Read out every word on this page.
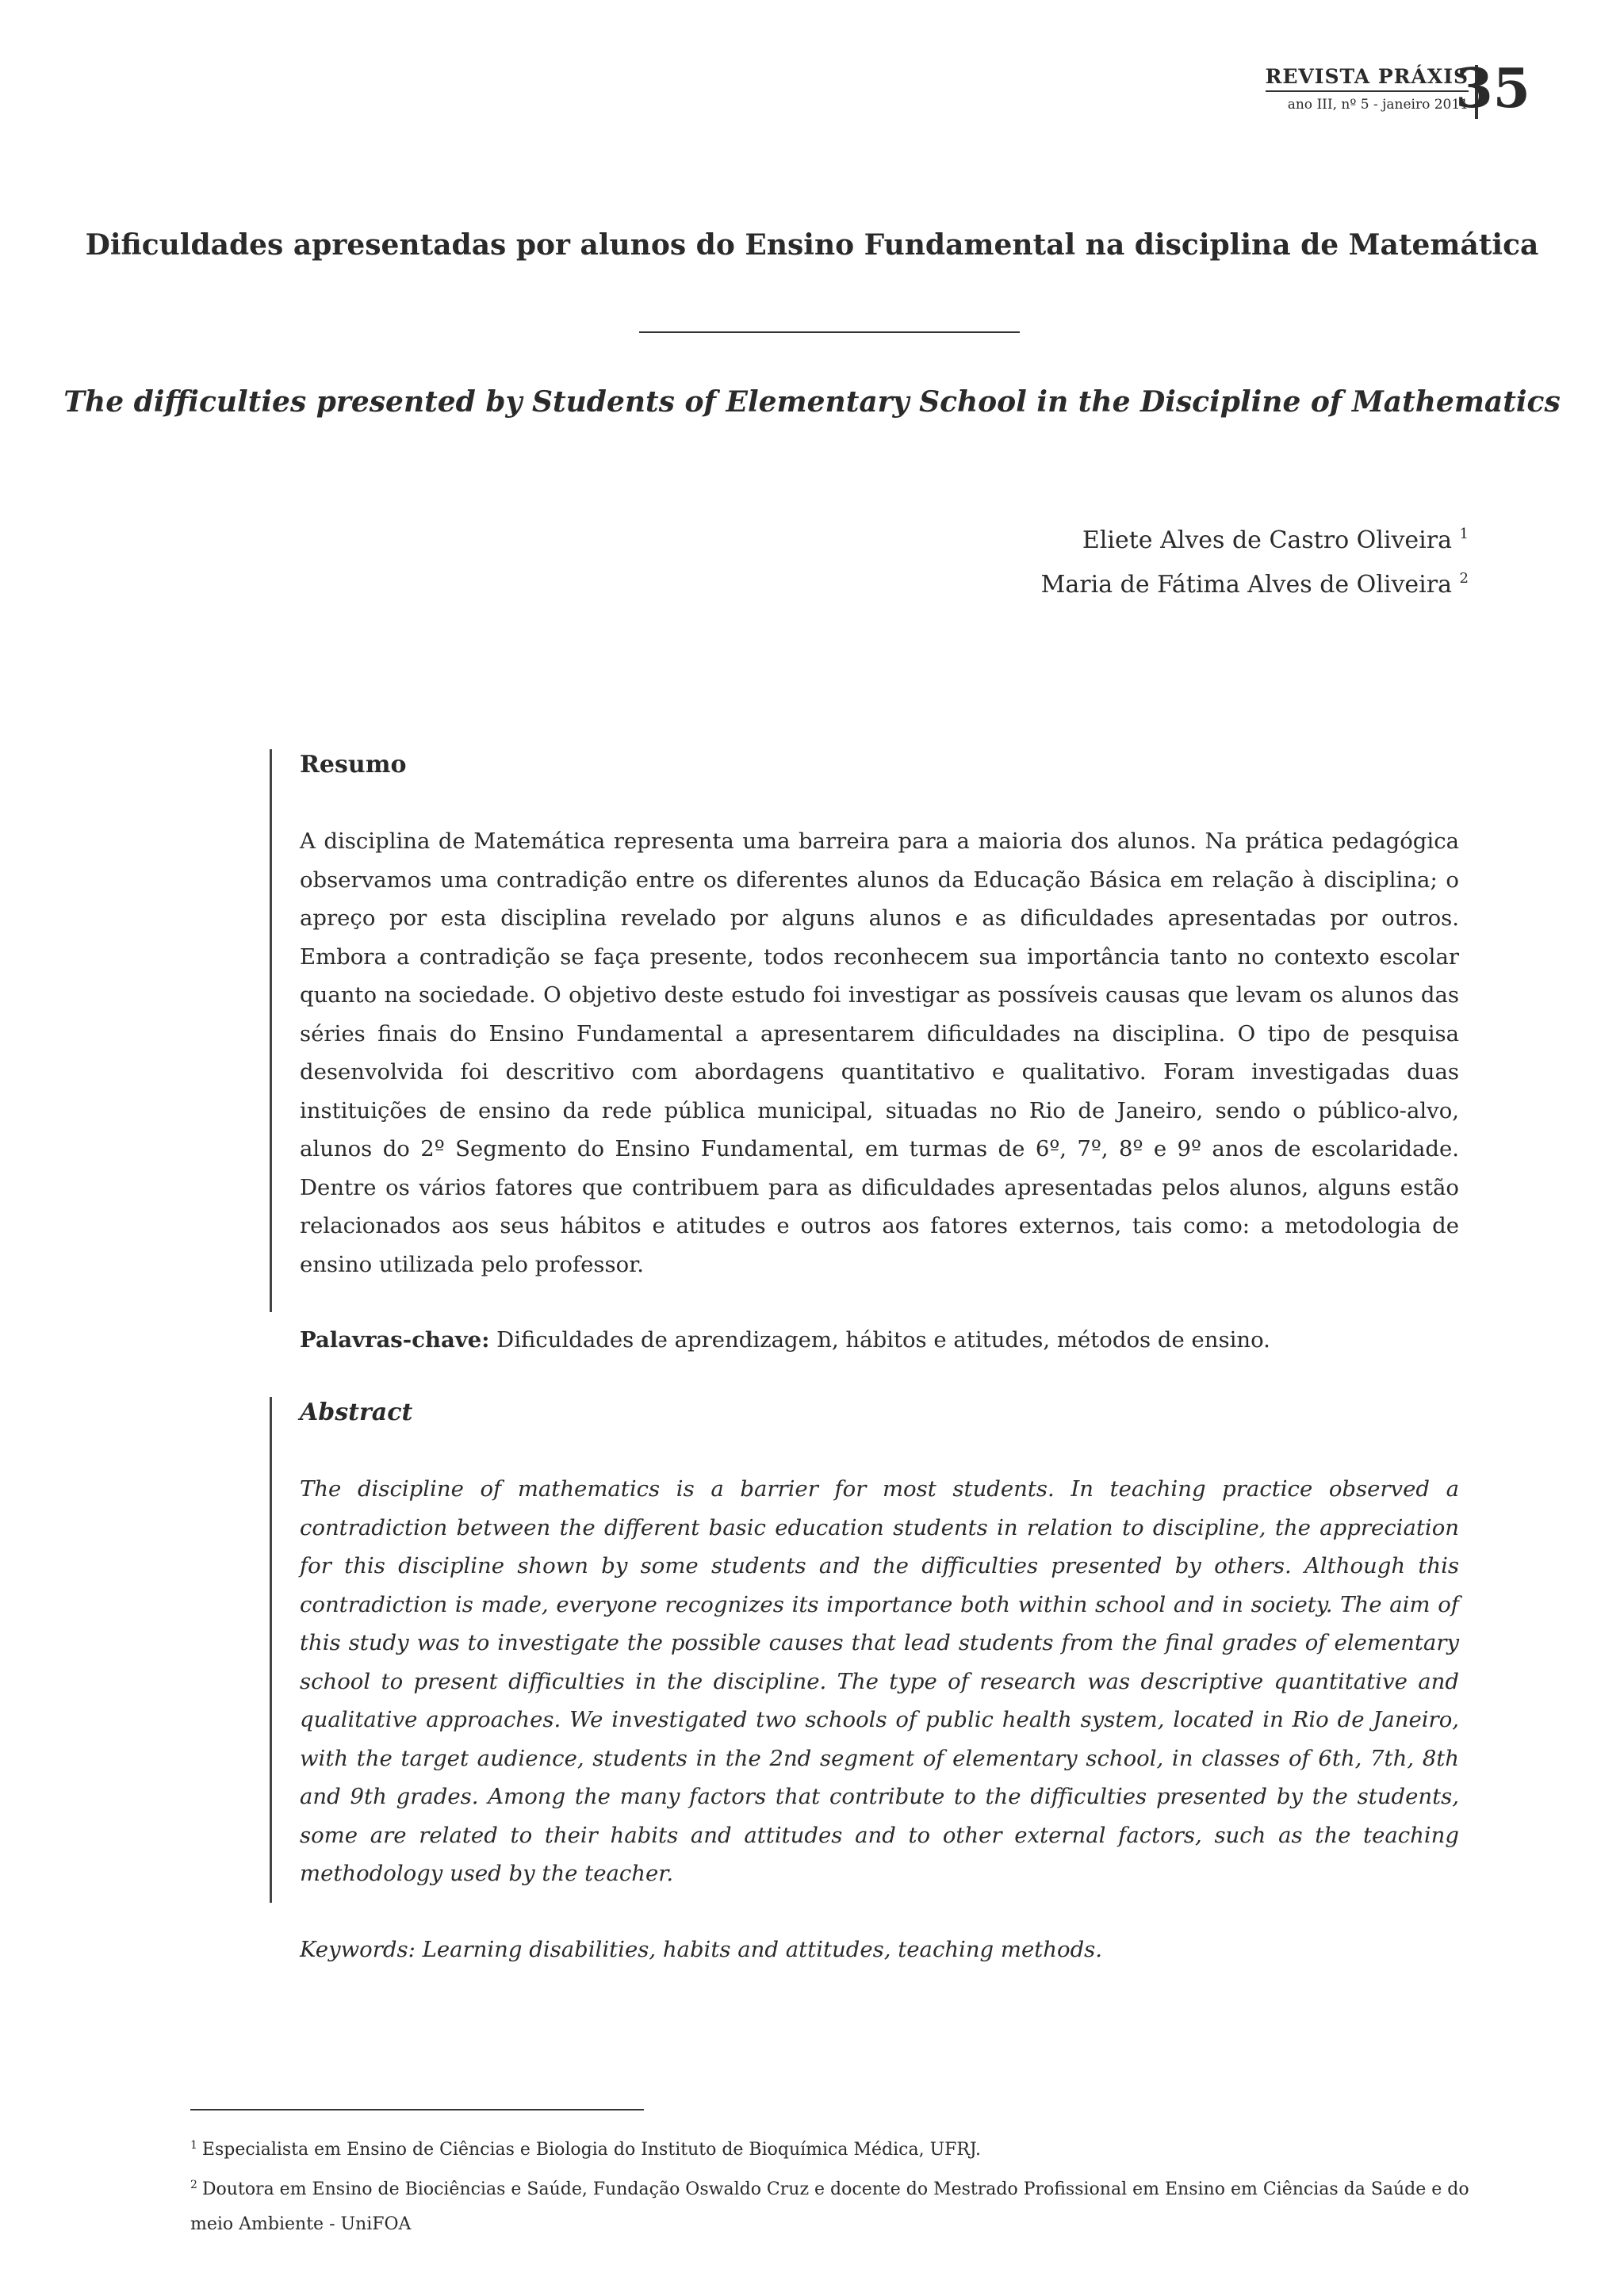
REVISTA PRÁXIS
ano III, nº 5 - janeiro 2011
35
Dificuldades apresentadas por alunos do Ensino Fundamental na disciplina de Matemática
The difficulties presented by Students of Elementary School in the Discipline of Mathematics
Eliete Alves de Castro Oliveira $^1$
Maria de Fátima Alves de Oliveira $^2$
Resumo
A disciplina de Matemática representa uma barreira para a maioria dos alunos. Na prática pedagógica observamos uma contradição entre os diferentes alunos da Educação Básica em relação à disciplina; o apreço por esta disciplina revelado por alguns alunos e as dificuldades apresentadas por outros. Embora a contradição se faça presente, todos reconhecem sua importância tanto no contexto escolar quanto na sociedade. O objetivo deste estudo foi investigar as possíveis causas que levam os alunos das séries finais do Ensino Fundamental a apresentarem dificuldades na disciplina. O tipo de pesquisa desenvolvida foi descritivo com abordagens quantitativo e qualitativo. Foram investigadas duas instituições de ensino da rede pública municipal, situadas no Rio de Janeiro, sendo o público-alvo, alunos do 2º Segmento do Ensino Fundamental, em turmas de 6º, 7º, 8º e 9º anos de escolaridade. Dentre os vários fatores que contribuem para as dificuldades apresentadas pelos alunos, alguns estão relacionados aos seus hábitos e atitudes e outros aos fatores externos, tais como: a metodologia de ensino utilizada pelo professor.
Palavras-chave: Dificuldades de aprendizagem, hábitos e atitudes, métodos de ensino.
Abstract
The discipline of mathematics is a barrier for most students. In teaching practice observed a contradiction between the different basic education students in relation to discipline, the appreciation for this discipline shown by some students and the difficulties presented by others. Although this contradiction is made, everyone recognizes its importance both within school and in society. The aim of this study was to investigate the possible causes that lead students from the final grades of elementary school to present difficulties in the discipline. The type of research was descriptive quantitative and qualitative approaches. We investigated two schools of public health system, located in Rio de Janeiro, with the target audience, students in the 2nd segment of elementary school, in classes of 6th, 7th, 8th and 9th grades. Among the many factors that contribute to the difficulties presented by the students, some are related to their habits and attitudes and to other external factors, such as the teaching methodology used by the teacher.
Keywords: Learning disabilities, habits and attitudes, teaching methods.
$^1$ Especialista em Ensino de Ciências e Biologia do Instituto de Bioquímica Médica, UFRJ.
$^2$ Doutora em Ensino de Biociências e Saúde, Fundação Oswaldo Cruz e docente do Mestrado Profissional em Ensino em Ciências da Saúde e do meio Ambiente - UniFOA
